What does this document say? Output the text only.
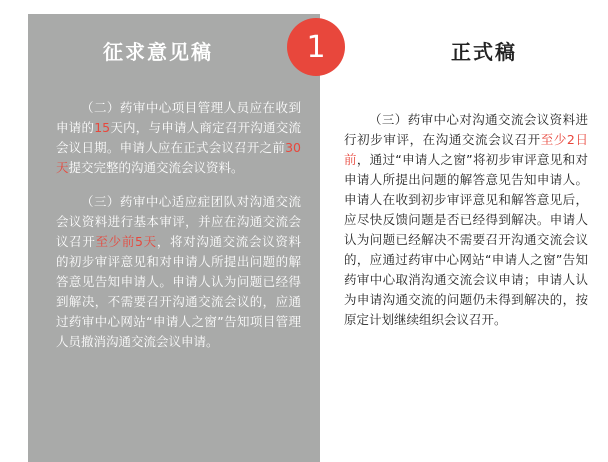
征求意见稿

（二）药审中心项目管理人员应在收到申请的15天内，与申请人商定召开沟通交流会议日期。申请人应在正式会议召开之前30天提交完整的沟通交流会议资料。

（三）药审中心适应症团队对沟通交流会议资料进行基本审评，并应在沟通交流会议召开至少前5天，将对沟通交流会议资料的初步审评意见和对申请人所提出问题的解答意见告知申请人。申请人认为问题已经得到解决，不需要召开沟通交流会议的，应通过药审中心网站“申请人之窗”告知项目管理人员撤消沟通交流会议申请。

正式稿

（三）药审中心对沟通交流会议资料进行初步审评，在沟通交流会议召开至少2日前，通过“申请人之窗”将初步审评意见和对申请人所提出问题的解答意见告知申请人。申请人在收到初步审评意见和解答意见后，应尽快反馈问题是否已经得到解决。申请人认为问题已经解决不需要召开沟通交流会议的，应通过药审中心网站“申请人之窗”告知药审中心取消沟通交流会议申请；申请人认为申请沟通交流的问题仍未得到解决的，按原定计划继续组织会议召开。

1
